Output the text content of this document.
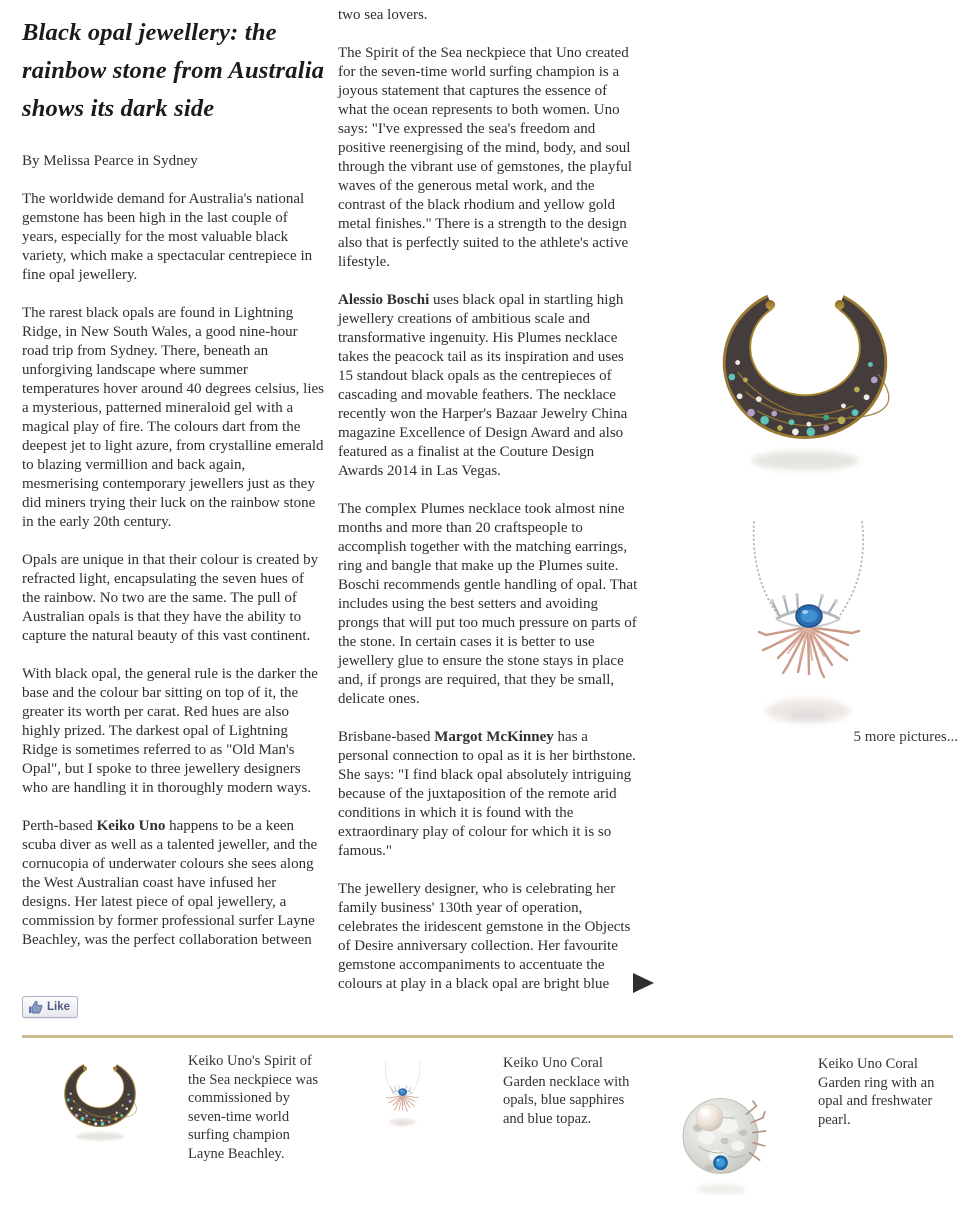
Black opal jewellery: the rainbow stone from Australia shows its dark side

By Melissa Pearce in Sydney

The worldwide demand for Australia's national gemstone has been high in the last couple of years, especially for the most valuable black variety, which make a spectacular centrepiece in fine opal jewellery.

The rarest black opals are found in Lightning Ridge, in New South Wales, a good nine-hour road trip from Sydney. There, beneath an unforgiving landscape where summer temperatures hover around 40 degrees celsius, lies a mysterious, patterned mineraloid gel with a magical play of fire. The colours dart from the deepest jet to light azure, from crystalline emerald to blazing vermillion and back again, mesmerising contemporary jewellers just as they did miners trying their luck on the rainbow stone in the early 20th century.

Opals are unique in that their colour is created by refracted light, encapsulating the seven hues of the rainbow. No two are the same. The pull of Australian opals is that they have the ability to capture the natural beauty of this vast continent.

With black opal, the general rule is the darker the base and the colour bar sitting on top of it, the greater its worth per carat. Red hues are also highly prized. The darkest opal of Lightning Ridge is sometimes referred to as "Old Man's Opal", but I spoke to three jewellery designers who are handling it in thoroughly modern ways.

Perth-based Keiko Uno happens to be a keen scuba diver as well as a talented jeweller, and the cornucopia of underwater colours she sees along the West Australian coast have infused her designs. Her latest piece of opal jewellery, a commission by former professional surfer Layne Beachley, was the perfect collaboration between

two sea lovers.

The Spirit of the Sea neckpiece that Uno created for the seven-time world surfing champion is a joyous statement that captures the essence of what the ocean represents to both women. Uno says: "I've expressed the sea's freedom and positive reenergising of the mind, body, and soul through the vibrant use of gemstones, the playful waves of the generous metal work, and the contrast of the black rhodium and yellow gold metal finishes." There is a strength to the design also that is perfectly suited to the athlete's active lifestyle.

Alessio Boschi uses black opal in startling high jewellery creations of ambitious scale and transformative ingenuity. His Plumes necklace takes the peacock tail as its inspiration and uses 15 standout black opals as the centrepieces of cascading and movable feathers. The necklace recently won the Harper's Bazaar Jewelry China magazine Excellence of Design Award and also featured as a finalist at the Couture Design Awards 2014 in Las Vegas.

The complex Plumes necklace took almost nine months and more than 20 craftspeople to accomplish together with the matching earrings, ring and bangle that make up the Plumes suite. Boschi recommends gentle handling of opal. That includes using the best setters and avoiding prongs that will put too much pressure on parts of the stone. In certain cases it is better to use jewellery glue to ensure the stone stays in place and, if prongs are required, that they be small, delicate ones.

Brisbane-based Margot McKinney has a personal connection to opal as it is her birthstone. She says: "I find black opal absolutely intriguing because of the juxtaposition of the remote arid conditions in which it is found with the extraordinary play of colour for which it is so famous."

The jewellery designer, who is celebrating her family business' 130th year of operation, celebrates the iridescent gemstone in the Objects of Desire anniversary collection. Her favourite gemstone accompaniments to accentuate the colours at play in a black opal are bright blue

5 more pictures...
Like
Keiko Uno's Spirit of the Sea neckpiece was commissioned by seven-time world surfing champion Layne Beachley.
Keiko Uno Coral Garden necklace with opals, blue sapphires and blue topaz.
Keiko Uno Coral Garden ring with an opal and freshwater pearl.
